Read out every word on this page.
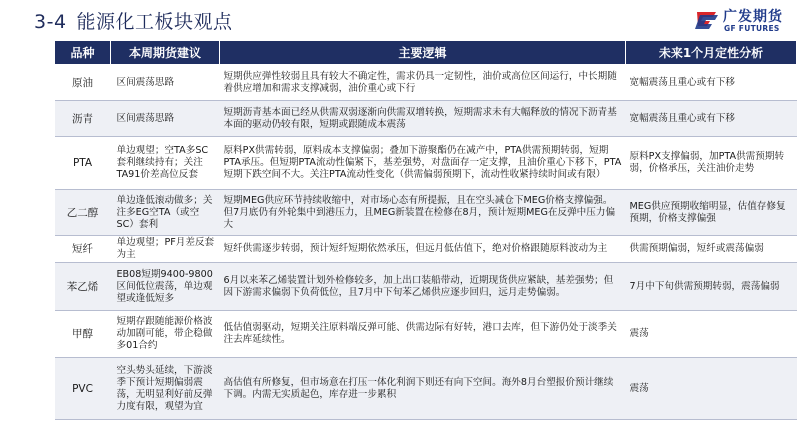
3-4 能源化工板块观点	广发期货
GF FUTURES
品种	本周期货建议	主要逻辑	未来1个月定性分析
原油	区间震荡思路	短期供应弹性较弱且具有较大不确定性，需求仍具一定韧性，油价或高位区间运行，中长期随着供应增加和需求支撑减弱，油价重心或下行	宽幅震荡且重心或有下移
沥青	区间震荡思路	短期沥青基本面已经从供需双弱逐渐向供需双增转换，短期需求未有大幅释放的情况下沥青基本面的驱动仍较有限，短期或跟随成本震荡	宽幅震荡且重心或有下移
PTA	单边观望；空TA多SC套利继续持有；关注TA91价差高位反套	原料PX供需转弱，原料成本支撑偏弱；叠加下游聚酯仍在减产中，PTA供需预期转弱，短期PTA承压。但短期PTA流动性偏紧下，基差强势，对盘面存一定支撑，且油价重心下移下，PTA短期下跌空间不大。关注PTA流动性变化（供需偏弱预期下，流动性收紧持续时间或有限）	原料PX支撑偏弱，加PTA供需预期转弱，价格承压，关注油价走势
乙二醇	单边逢低滚动做多；关注多EG空TA（或空SC）套利	短期MEG供应环节持续收缩中，对市场心态有所提振，且在空头减仓下MEG价格支撑偏强。但7月底仍有外轮集中到港压力，且MEG新装置在检修在8月，预计短期MEG在反弹中压力偏大	MEG供应预期收缩明显，估值存修复预期，价格支撑偏强
短纤	单边观望；PF月差反套为主	短纤供需逐步转弱，预计短纤短期依然承压，但远月低估值下，绝对价格跟随原料波动为主	供需预期偏弱，短纤或震荡偏弱
苯乙烯	EB08短期9400-9800区间低位震荡，单边观望或逢低短多	6月以来苯乙烯装置计划外检修较多，加上出口装船带动，近期现货供应紧缺，基差强势；但因下游需求偏弱下负荷低位，且7月中下旬苯乙烯供应逐步回归，远月走势偏弱。	7月中下旬供需预期转弱，震荡偏弱
甲醇	短期存跟随能源价格波动加剧可能，带企稳做多01合约	低估值弱驱动，短期关注原料端反弹可能、供需边际有好转，港口去库，但下游仍处于淡季关注去库延续性。	震荡
PVC	空头势头延续，下游淡季下预计短期偏弱震荡，无明显利好前反弹力度有限，观望为宜	高估值有所修复，但市场意在打压一体化利润下则还有向下空间。海外8月台塑报价预计继续下调。内需无实质起色，库存进一步累积	震荡
